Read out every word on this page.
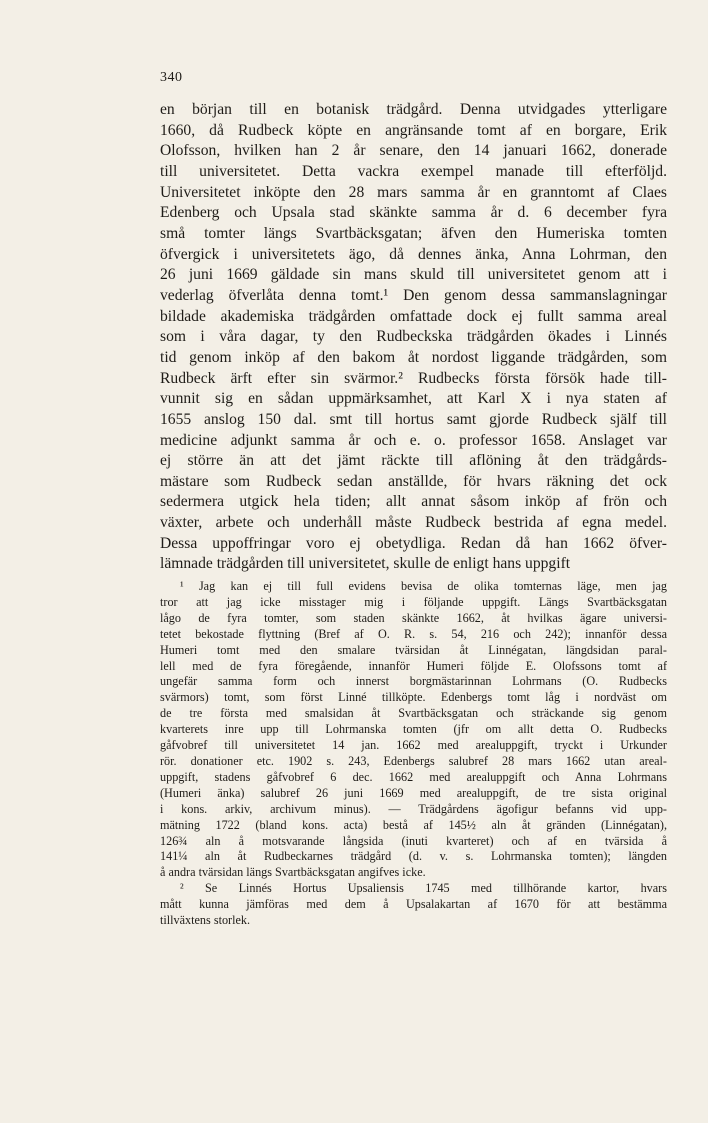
340
en början till en botanisk trädgård. Denna utvidgades ytterligare
1660, då Rudbeck köpte en angränsande tomt af en borgare, Erik
Olofsson, hvilken han 2 år senare, den 14 januari 1662, donerade
till universitetet. Detta vackra exempel manade till efterföljd.
Universitetet inköpte den 28 mars samma år en granntomt af Claes
Edenberg och Upsala stad skänkte samma år d. 6 december fyra
små tomter längs Svartbäcksgatan; äfven den Humeriska tomten
öfvergick i universitetets ägo, då dennes änka, Anna Lohrman, den
26 juni 1669 gäldade sin mans skuld till universitetet genom att i
vederlag öfverlåta denna tomt.¹ Den genom dessa sammanslagningar
bildade akademiska trädgården omfattade dock ej fullt samma areal
som i våra dagar, ty den Rudbeckska trädgården ökades i Linnés
tid genom inköp af den bakom åt nordost liggande trädgården, som
Rudbeck ärft efter sin svärmor.² Rudbecks första försök hade till-
vunnit sig en sådan uppmärksamhet, att Karl X i nya staten af
1655 anslog 150 dal. smt till hortus samt gjorde Rudbeck själf till
medicine adjunkt samma år och e. o. professor 1658. Anslaget var
ej större än att det jämt räckte till aflöning åt den trädgårds-
mästare som Rudbeck sedan anställde, för hvars räkning det ock
sedermera utgick hela tiden; allt annat såsom inköp af frön och
växter, arbete och underhåll måste Rudbeck bestrida af egna medel.
Dessa uppoffringar voro ej obetydliga. Redan då han 1662 öfver-
lämnade trädgården till universitetet, skulle de enligt hans uppgift
¹ Jag kan ej till full evidens bevisa de olika tomternas läge, men jag
tror att jag icke misstager mig i följande uppgift. Längs Svartbäcksgatan
lågo de fyra tomter, som staden skänkte 1662, åt hvilkas ägare universi-
tetet bekostade flyttning (Bref af O. R. s. 54, 216 och 242); innanför dessa
Humeri tomt med den smalare tvärsidan åt Linnégatan, längdsidan paral-
lell med de fyra föregående, innanför Humeri följde E. Olofssons tomt af
ungefär samma form och innerst borgmästarinnan Lohrmans (O. Rudbecks
svärmors) tomt, som först Linné tillköpte. Edenbergs tomt låg i nordväst om
de tre första med smalsidan åt Svartbäcksgatan och sträckande sig genom
kvarterets inre upp till Lohrmanska tomten (jfr om allt detta O. Rudbecks
gåfvobref till universitetet 14 jan. 1662 med arealuppgift, tryckt i Urkunder
rör. donationer etc. 1902 s. 243, Edenbergs salubref 28 mars 1662 utan areal-
uppgift, stadens gåfvobref 6 dec. 1662 med arealuppgift och Anna Lohrmans
(Humeri änka) salubref 26 juni 1669 med arealuppgift, de tre sista original
i kons. arkiv, archivum minus). — Trädgårdens ägofigur befanns vid upp-
mätning 1722 (bland kons. acta) bestå af 145½ aln åt gränden (Linnégatan),
126¾ aln å motsvarande långsida (inuti kvarteret) och af en tvärsida å
141¼ aln åt Rudbeckarnes trädgård (d. v. s. Lohrmanska tomten); längden
å andra tvärsidan längs Svartbäcksgatan angifves icke.
² Se Linnés Hortus Upsaliensis 1745 med tillhörande kartor, hvars
mått kunna jämföras med dem å Upsalakartan af 1670 för att bestämma
tillväxtens storlek.
